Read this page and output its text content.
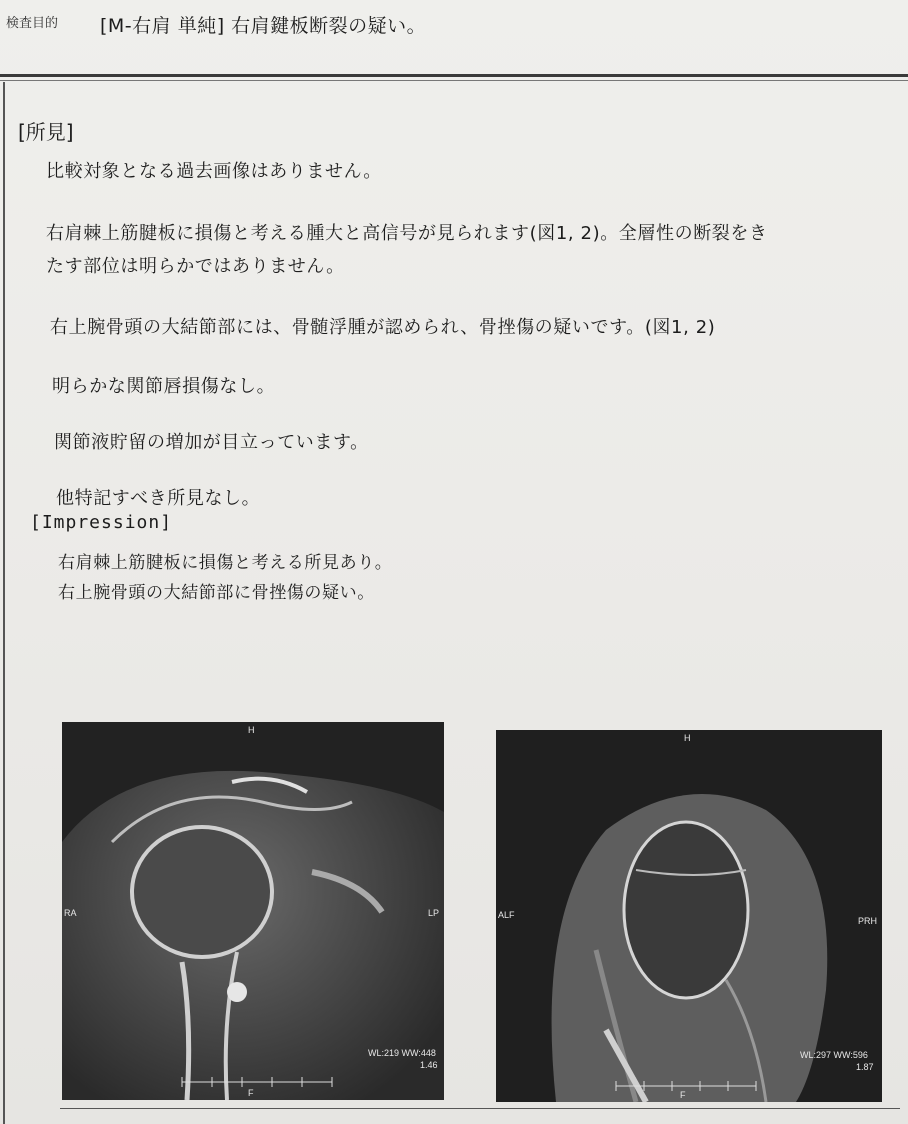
検査目的 [M-右肩 単純] 右肩鍵板断裂の疑い。
[所見]
比較対象となる過去画像はありません。
右肩棘上筋腱板に損傷と考える腫大と高信号が見られます(図1, 2)。全層性の断裂をき
たす部位は明らかではありません。
右上腕骨頭の大結節部には、骨髄浮腫が認められ、骨挫傷の疑いです。(図1, 2)
明らかな関節唇損傷なし。
関節液貯留の増加が目立っています。
他特記すべき所見なし。
[Impression]
右肩棘上筋腱板に損傷と考える所見あり。
右上腕骨頭の大結節部に骨挫傷の疑い。
H
RA	LP
F
WL:219 WW:448
1.46
H
ALF
PRH
F
WL:297 WW:596
1.87
